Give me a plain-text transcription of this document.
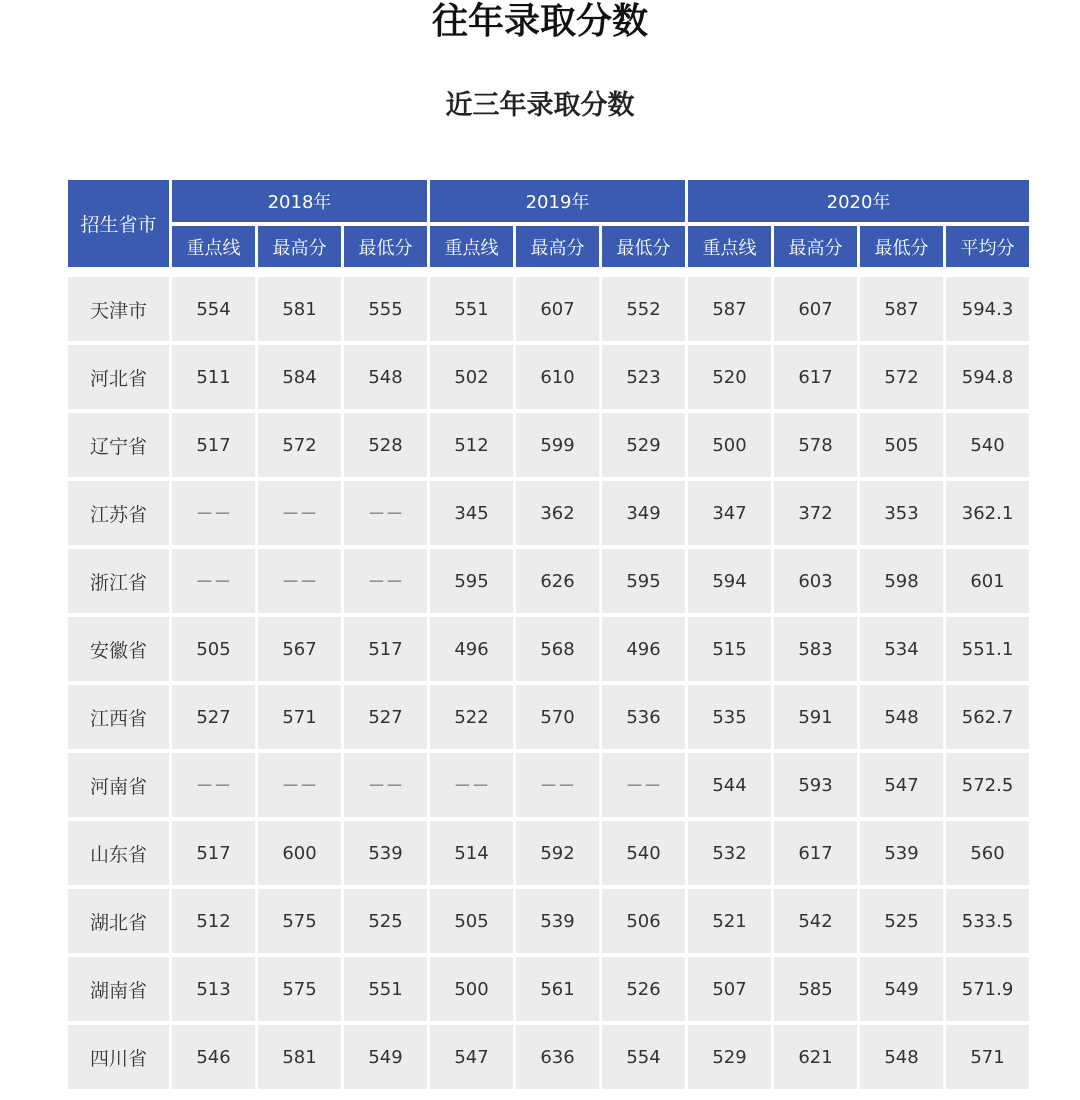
往年录取分数
近三年录取分数
招生省市	2018年			2019年			2020年			
	重点线	最高分	最低分	重点线	最高分	最低分	重点线	最高分	最低分	平均分

天津市	554	581	555	551	607	552	587	607	587	594.3
河北省	511	584	548	502	610	523	520	617	572	594.8
辽宁省	517	572	528	512	599	529	500	578	505	540
江苏省	－－	－－	－－	345	362	349	347	372	353	362.1
浙江省	－－	－－	－－	595	626	595	594	603	598	601
安徽省	505	567	517	496	568	496	515	583	534	551.1
江西省	527	571	527	522	570	536	535	591	548	562.7
河南省	－－	－－	－－	－－	－－	－－	544	593	547	572.5
山东省	517	600	539	514	592	540	532	617	539	560
湖北省	512	575	525	505	539	506	521	542	525	533.5
湖南省	513	575	551	500	561	526	507	585	549	571.9
四川省	546	581	549	547	636	554	529	621	548	571
